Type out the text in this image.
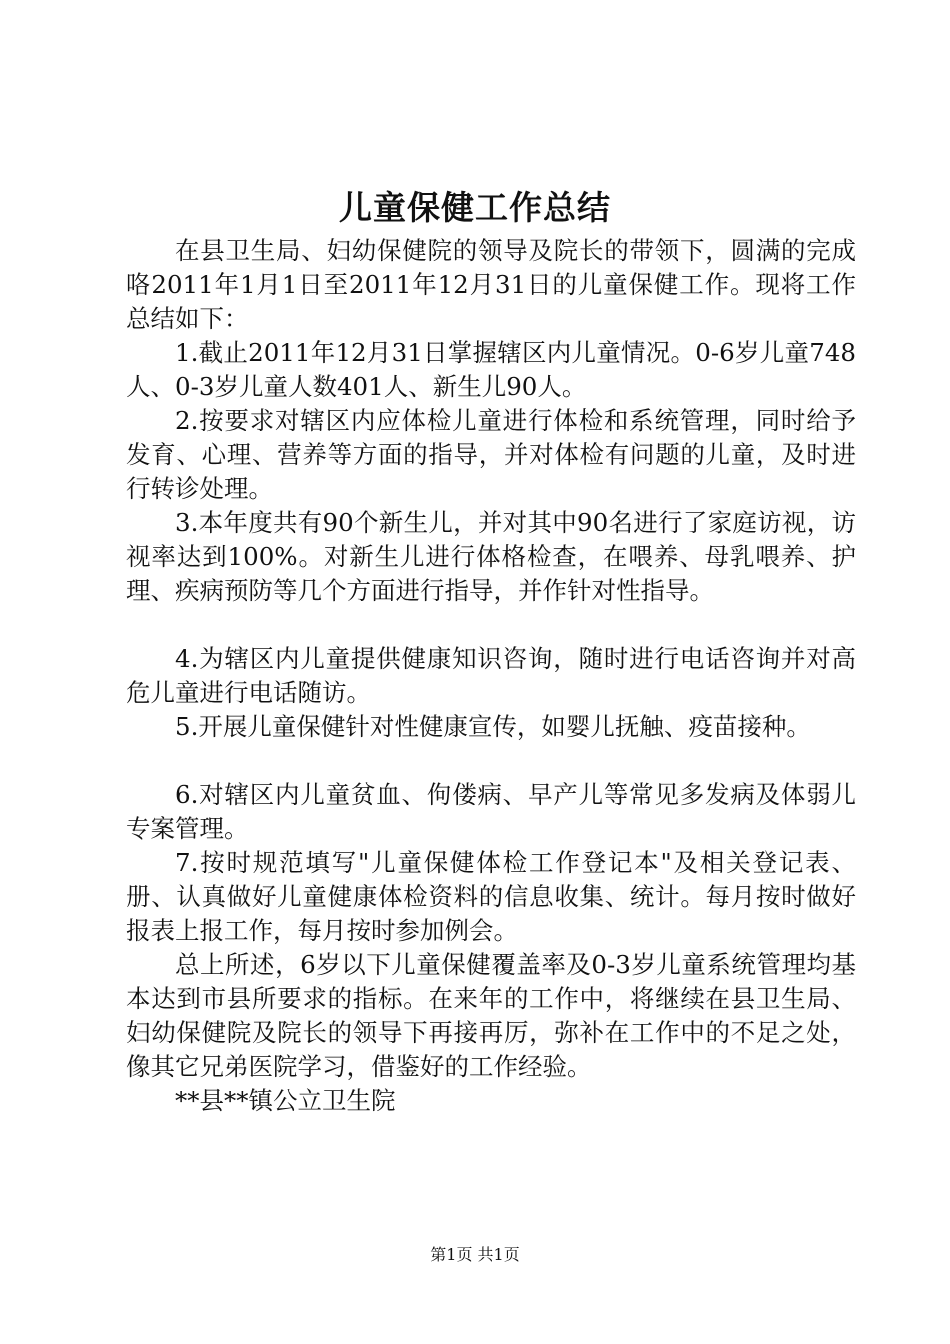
儿童保健工作总结

在县卫生局、妇幼保健院的领导及院长的带领下，圆满的完成咯2011年1月1日至2011年12月31日的儿童保健工作。现将工作总结如下：

1.截止2011年12月31日掌握辖区内儿童情况。0-6岁儿童748人、0-3岁儿童人数401人、新生儿90人。

2.按要求对辖区内应体检儿童进行体检和系统管理，同时给予发育、心理、营养等方面的指导，并对体检有问题的儿童，及时进行转诊处理。

3.本年度共有90个新生儿，并对其中90名进行了家庭访视，访视率达到100%。对新生儿进行体格检查，在喂养、母乳喂养、护理、疾病预防等几个方面进行指导，并作针对性指导。

4.为辖区内儿童提供健康知识咨询，随时进行电话咨询并对高危儿童进行电话随访。

5.开展儿童保健针对性健康宣传，如婴儿抚触、疫苗接种。

6.对辖区内儿童贫血、佝偻病、早产儿等常见多发病及体弱儿专案管理。

7.按时规范填写"儿童保健体检工作登记本"及相关登记表、册、认真做好儿童健康体检资料的信息收集、统计。每月按时做好报表上报工作，每月按时参加例会。

总上所述，6岁以下儿童保健覆盖率及0-3岁儿童系统管理均基本达到市县所要求的指标。在来年的工作中，将继续在县卫生局、妇幼保健院及院长的领导下再接再厉，弥补在工作中的不足之处，像其它兄弟医院学习，借鉴好的工作经验。

**县**镇公立卫生院

第1页 共1页
